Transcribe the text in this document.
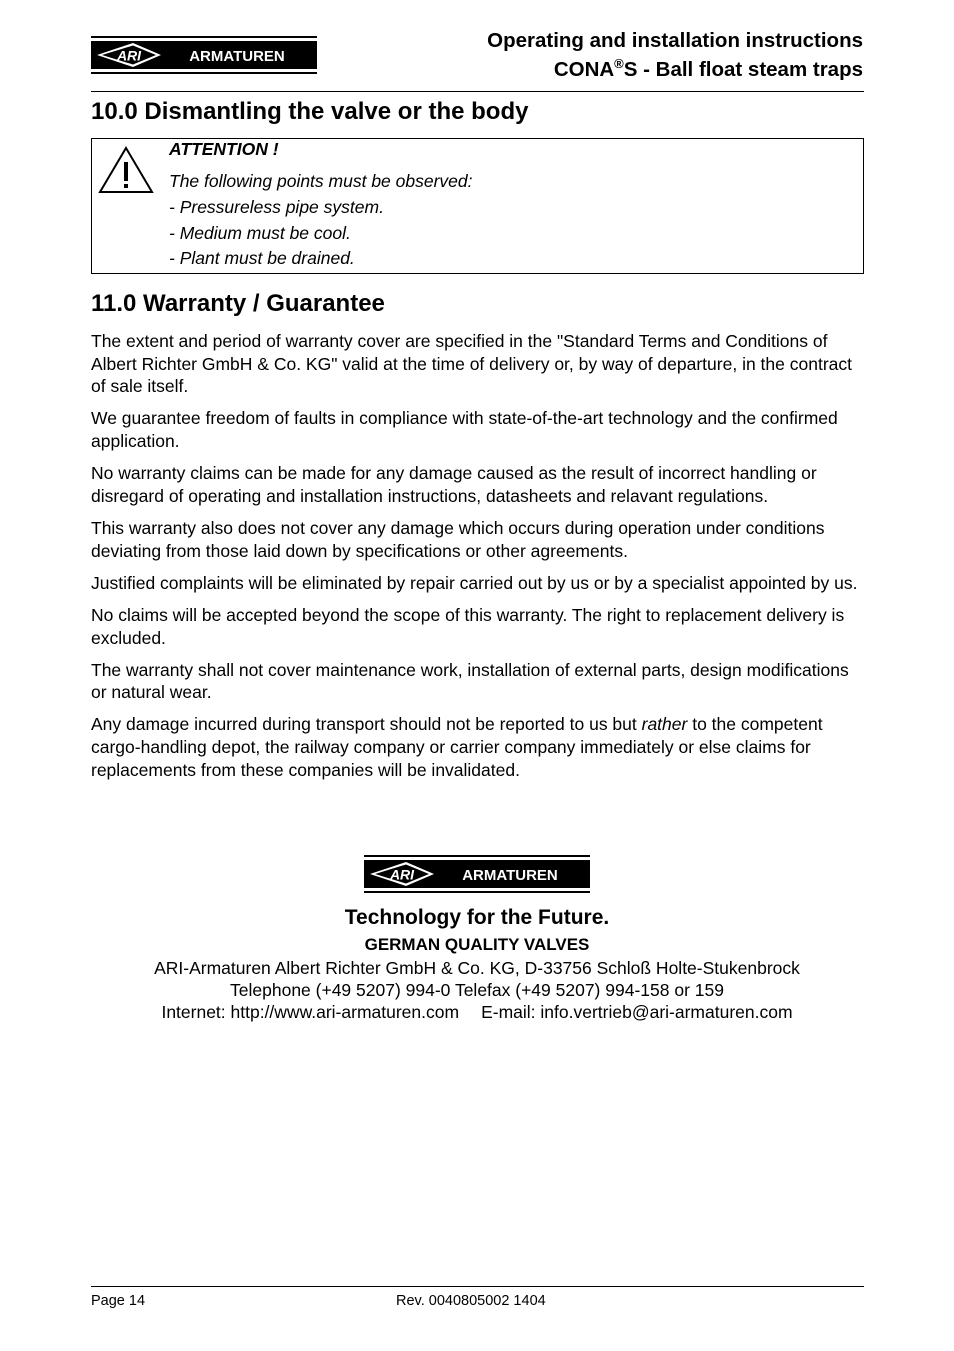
ARI	ARMATUREN
Operating and installation instructions
CONA®S - Ball float steam traps
10.0 Dismantling the valve or the body
ATTENTION !
The following points must be observed:
- Pressureless pipe system.
- Medium must be cool.
- Plant must be drained.
11.0 Warranty / Guarantee

The extent and period of warranty cover are specified in the "Standard Terms and Conditions of Albert Richter GmbH & Co. KG" valid at the time of delivery or, by way of departure, in the contract of sale itself.

We guarantee freedom of faults in compliance with state-of-the-art technology and the confirmed application.

No warranty claims can be made for any damage caused as the result of incorrect handling or disregard of operating and installation instructions, datasheets and relavant regulations.

This warranty also does not cover any damage which occurs during operation under conditions deviating from those laid down by specifications or other agreements.

Justified complaints will be eliminated by repair carried out by us or by a specialist appointed by us.

No claims will be accepted beyond the scope of this warranty. The right to replacement delivery is excluded.

The warranty shall not cover maintenance work, installation of external parts, design modifications or natural wear.

Any damage incurred during transport should not be reported to us but rather to the competent cargo-handling depot, the railway company or carrier company immediately or else claims for replacements from these companies will be invalidated.

ARI	ARMATUREN
Technology for the Future.
GERMAN QUALITY VALVES
ARI-Armaturen Albert Richter GmbH & Co. KG, D-33756 Schloß Holte-Stukenbrock
Telephone (+49 5207) 994-0 Telefax (+49 5207) 994-158 or 159
Internet: http://www.ari-armaturen.com E-mail: info.vertrieb@ari-armaturen.com
Page 14	Rev. 0040805002 1404
